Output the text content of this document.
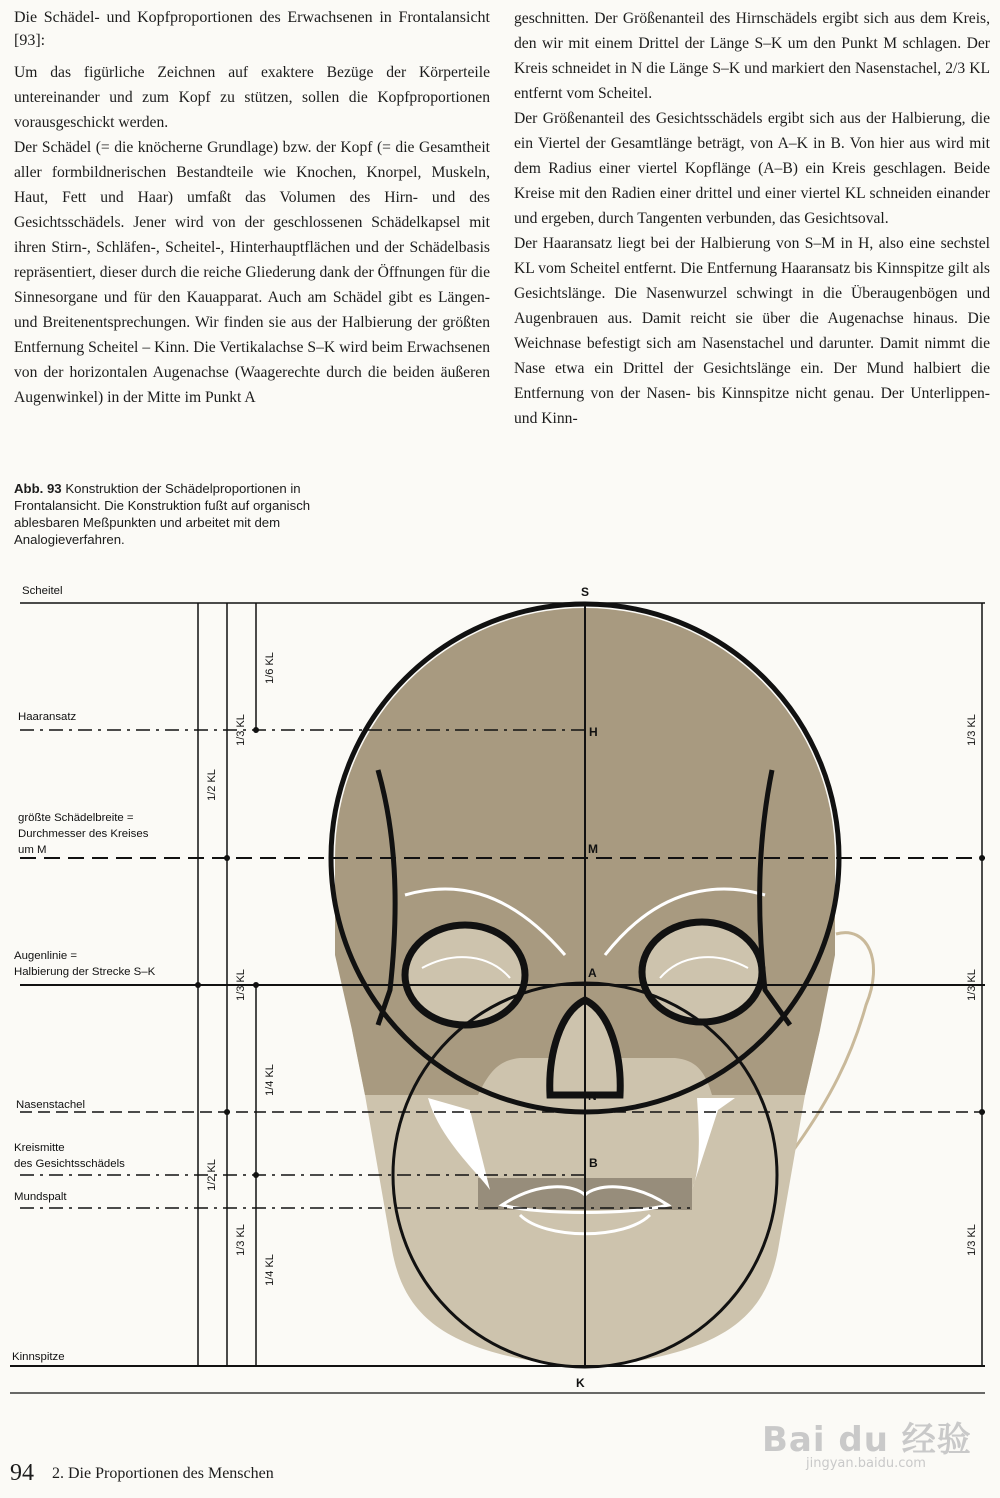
Die Schädel- und Kopfproportionen des Erwachsenen in Frontalansicht [93]:

Um das figürliche Zeichnen auf exaktere Bezüge der Körperteile untereinander und zum Kopf zu stützen, sollen die Kopfproportionen vorausgeschickt werden.

Der Schädel (= die knöcherne Grundlage) bzw. der Kopf (= die Gesamtheit aller formbildnerischen Bestandteile wie Knochen, Knorpel, Muskeln, Haut, Fett und Haar) umfaßt das Volumen des Hirn- und des Gesichtsschädels. Jener wird von der geschlossenen Schädelkapsel mit ihren Stirn-, Schläfen-, Scheitel-, Hinterhauptflächen und der Schädelbasis repräsentiert, dieser durch die reiche Gliederung dank der Öffnungen für die Sinnesorgane und für den Kauapparat. Auch am Schädel gibt es Längen- und Breitenentsprechungen. Wir finden sie aus der Halbierung der größten Entfernung Scheitel – Kinn. Die Vertikalachse S–K wird beim Erwachsenen von der horizontalen Augenachse (Waagerechte durch die beiden äußeren Augenwinkel) in der Mitte im Punkt A

geschnitten. Der Größenanteil des Hirnschädels ergibt sich aus dem Kreis, den wir mit einem Drittel der Länge S–K um den Punkt M schlagen. Der Kreis schneidet in N die Länge S–K und markiert den Nasenstachel, 2/3 KL entfernt vom Scheitel.

Der Größenanteil des Gesichtsschädels ergibt sich aus der Halbierung, die ein Viertel der Gesamtlänge beträgt, von A–K in B. Von hier aus wird mit dem Radius einer viertel Kopflänge (A–B) ein Kreis geschlagen. Beide Kreise mit den Radien einer drittel und einer viertel KL schneiden einander und ergeben, durch Tangenten verbunden, das Gesichtsoval.

Der Haaransatz liegt bei der Halbierung von S–M in H, also eine sechstel KL vom Scheitel entfernt. Die Entfernung Haaransatz bis Kinnspitze gilt als Gesichtslänge. Die Nasenwurzel schwingt in die Überaugenbögen und Augenbrauen aus. Damit reicht sie über die Augenachse hinaus. Die Weichnase befestigt sich am Nasenstachel und darunter. Damit nimmt die Nase etwa ein Drittel der Gesichtslänge ein. Der Mund halbiert die Entfernung von der Nasen- bis Kinnspitze nicht genau. Der Unterlippen- und Kinn-

Abb. 93 Konstruktion der Schädelproportionen in Frontalansicht. Die Konstruktion fußt auf organisch ablesbaren Meßpunkten und arbeitet mit dem Analogieverfahren.
Scheitel
Haaransatz
größte Schädelbreite =
Durchmesser des Kreises
um M
Augenlinie =
Halbierung der Strecke S–K
Nasenstachel
Kreismitte
des Gesichtsschädels
Mundspalt
Kinnspitze
S
H
M
A
N
B
K
1/6 KL
1/3 KL
1/2 KL
1/3 KL
1/4 KL
1/2 KL
1/3 KL
1/4 KL
1/3 KL
1/3 KL
1/3 KL
94 2. Die Proportionen des Menschen
Bai du 经验
jingyan.baidu.com
